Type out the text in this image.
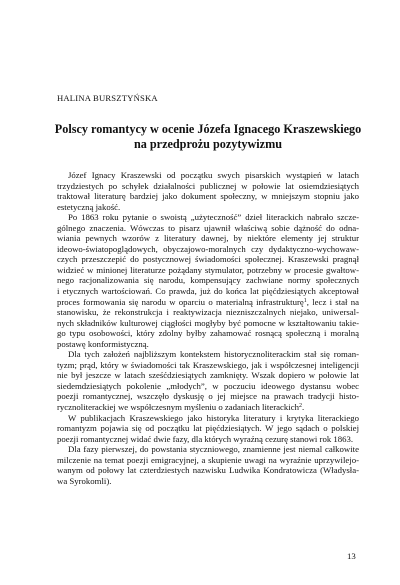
HALINA BURSZTYŃSKA
Polscy romantycy w ocenie Józefa Ignacego Kraszewskiego
na przedprożu pozytywizmu

Józef Ignacy Kraszewski od początku swych pisarskich wystąpień w latach
trzydziestych po schyłek działalności publicznej w połowie lat osiemdziesiątych
traktował literaturę bardziej jako dokument społeczny, w mniejszym stopniu jako
estetyczną jakość.

Po 1863 roku pytanie o swoistą „użyteczność” dzieł literackich nabrało szcze-
gólnego znaczenia. Wówczas to pisarz ujawnił właściwą sobie dążność do odna-
wiania pewnych wzorów z literatury dawnej, by niektóre elementy jej struktur
ideowo-światopoglądowych, obyczajowo-moralnych czy dydaktyczno-wychowaw-
czych przeszczepić do postycznowej świadomości społecznej. Kraszewski pragnął
widzieć w minionej literaturze pożądany stymulator, potrzebny w procesie gwałtow-
nego racjonalizowania się narodu, kompensujący zachwiane normy społecznych
i etycznych wartościowań. Co prawda, już do końca lat pięćdziesiątych akceptował
proces formowania się narodu w oparciu o materialną infrastrukturę$^1$, lecz i stał na
stanowisku, że rekonstrukcja i reaktywizacja niezniszczalnych niejako, uniwersal-
nych składników kulturowej ciągłości mogłyby być pomocne w kształtowaniu takie-
go typu osobowości, który zdolny byłby zahamować rosnącą społeczną i moralną
postawę konformistyczną.

Dla tych założeń najbliższym kontekstem historycznoliterackim stał się roman-
tyzm; prąd, który w świadomości tak Kraszewskiego, jak i współczesnej inteligencji
nie był jeszcze w latach sześćdziesiątych zamknięty. Wszak dopiero w połowie lat
siedemdziesiątych pokolenie „młodych”, w poczuciu ideowego dystansu wobec
poezji romantycznej, wszczęło dyskusję o jej miejsce na prawach tradycji histo-
rycznoliterackiej we współczesnym myśleniu o zadaniach literackich$^2$.

W publikacjach Kraszewskiego jako historyka literatury i krytyka literackiego
romantyzm pojawia się od początku lat pięćdziesiątych. W jego sądach o polskiej
poezji romantycznej widać dwie fazy, dla których wyraźną cezurę stanowi rok 1863.

Dla fazy pierwszej, do powstania styczniowego, znamienne jest niemal całkowite
milczenie na temat poezji emigracyjnej, a skupienie uwagi na wyraźnie uprzywilejo-
wanym od połowy lat czterdziestych nazwisku Ludwika Kondratowicza (Władysła-
wa Syrokomli).

13
